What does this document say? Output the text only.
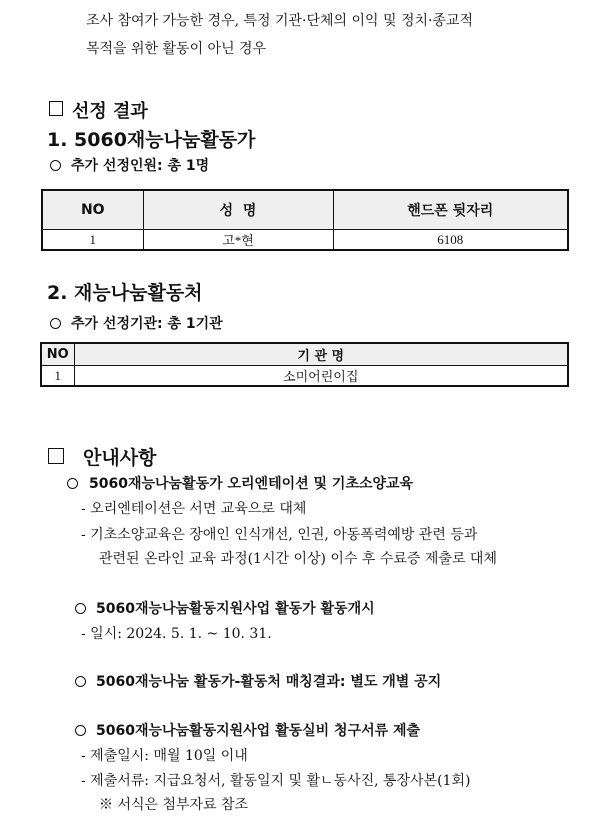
조사 참여가 가능한 경우, 특정 기관·단체의 이익 및 정치·종교적
목적을 위한 활동이 아닌 경우
선정 결과
1. 5060재능나눔활동가
추가 선정인원: 총 1명
NO	성  명	핸드폰 뒷자리
1	고*현	6108
2. 재능나눔활동처
추가 선정기관: 총 1기관
NO	기 관 명
1	소미어린이집
안내사항
5060재능나눔활동가 오리엔테이션 및 기초소양교육
- 오리엔테이션은 서면 교육으로 대체
- 기초소양교육은 장애인 인식개선, 인권, 아동폭력예방 관련 등과
관련된 온라인 교육 과정(1시간 이상) 이수 후 수료증 제출로 대체
5060재능나눔활동지원사업 활동가 활동개시
- 일시: 2024. 5. 1. ~ 10. 31.
5060재능나눔 활동가-활동처 매칭결과: 별도 개별 공지
5060재능나눔활동지원사업 활동실비 청구서류 제출
- 제출일시: 매월 10일 이내
- 제출서류: 지급요청서, 활동일지 및 활ㄴ동사진, 통장사본(1회)
※ 서식은 첨부자료 참조
